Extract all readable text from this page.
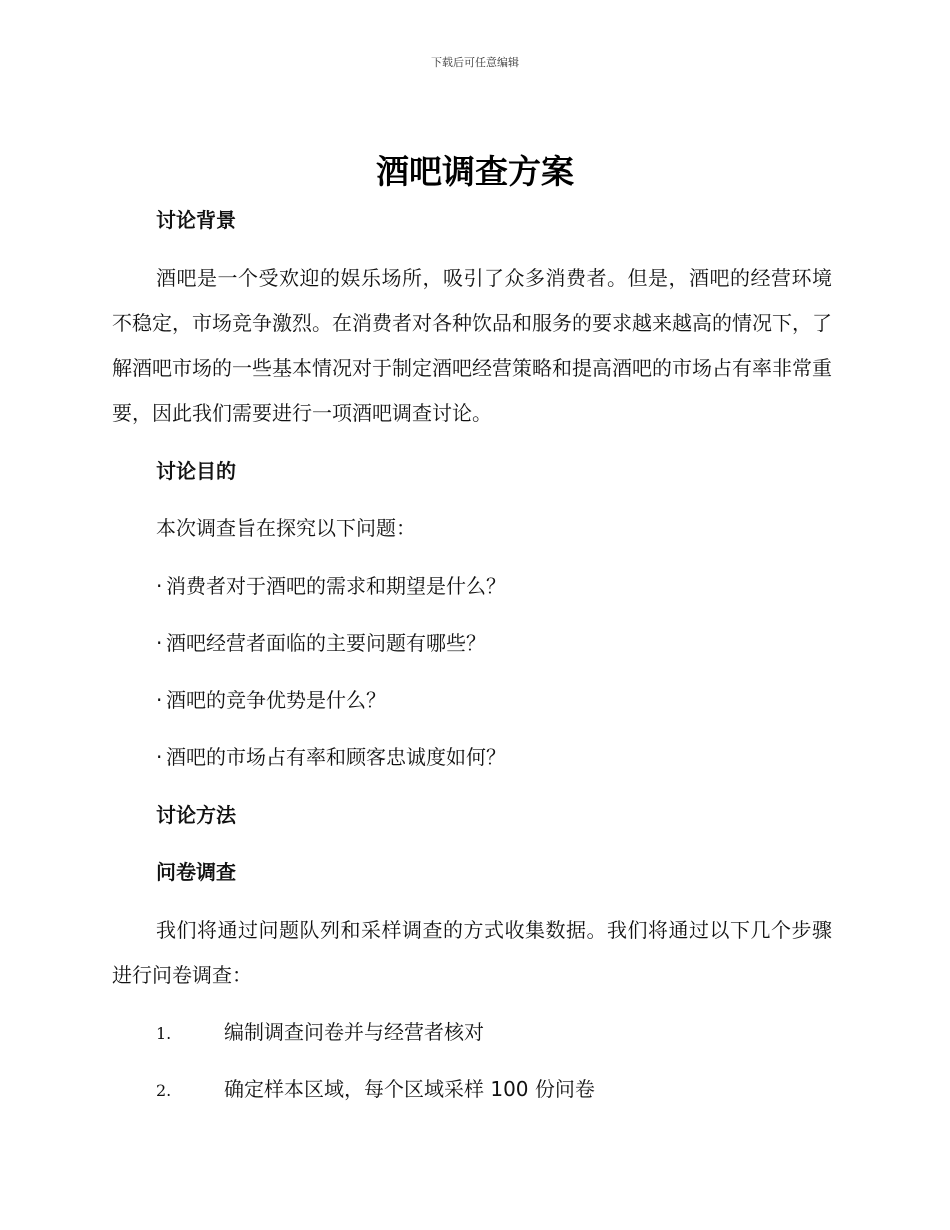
下载后可任意编辑
酒吧调查方案
讨论背景

酒吧是一个受欢迎的娱乐场所，吸引了众多消费者。但是，酒吧的经营环境不稳定，市场竞争激烈。在消费者对各种饮品和服务的要求越来越高的情况下，了解酒吧市场的一些基本情况对于制定酒吧经营策略和提高酒吧的市场占有率非常重要，因此我们需要进行一项酒吧调查讨论。

讨论目的

本次调查旨在探究以下问题：

· 消费者对于酒吧的需求和期望是什么？
· 酒吧经营者面临的主要问题有哪些？
· 酒吧的竞争优势是什么？
· 酒吧的市场占有率和顾客忠诚度如何？
讨论方法
问卷调查

我们将通过问题队列和采样调查的方式收集数据。我们将通过以下几个步骤进行问卷调查：

1.	编制调查问卷并与经营者核对
2.	确定样本区域，每个区域采样 100 份问卷
